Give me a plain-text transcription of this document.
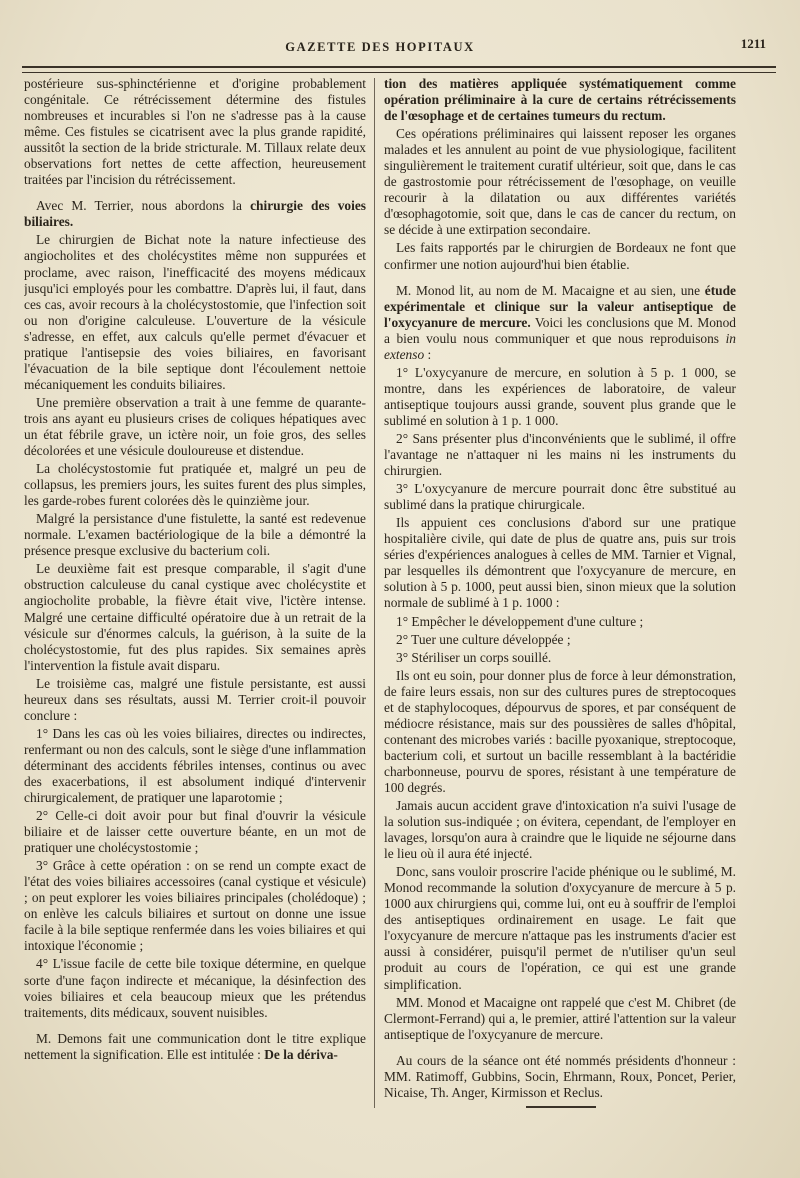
GAZETTE DES HOPITAUX	1211

postérieure sus-sphinctérienne et d'origine probablement congénitale. Ce rétrécissement détermine des fistules nombreuses et incurables si l'on ne s'adresse pas à la cause même. Ces fistules se cicatrisent avec la plus grande rapidité, aussitôt la section de la bride stricturale. M. Tillaux relate deux observations fort nettes de cette affection, heureusement traitées par l'incision du rétrécissement.

Avec M. Terrier, nous abordons la chirurgie des voies biliaires.

Le chirurgien de Bichat note la nature infectieuse des angiocholites et des cholécystites même non suppurées et proclame, avec raison, l'inefficacité des moyens médicaux jusqu'ici employés pour les combattre. D'après lui, il faut, dans ces cas, avoir recours à la cholécystostomie, que l'infection soit ou non d'origine calculeuse. L'ouverture de la vésicule s'adresse, en effet, aux calculs qu'elle permet d'évacuer et pratique l'antisepsie des voies biliaires, en favorisant l'évacuation de la bile septique dont l'écoulement nettoie mécaniquement les conduits biliaires.

Une première observation a trait à une femme de quarante-trois ans ayant eu plusieurs crises de coliques hépatiques avec un état fébrile grave, un ictère noir, un foie gros, des selles décolorées et une vésicule douloureuse et distendue.

La cholécystostomie fut pratiquée et, malgré un peu de collapsus, les premiers jours, les suites furent des plus simples, les garde-robes furent colorées dès le quinzième jour.

Malgré la persistance d'une fistulette, la santé est redevenue normale. L'examen bactériologique de la bile a démontré la présence presque exclusive du bacterium coli.

Le deuxième fait est presque comparable, il s'agit d'une obstruction calculeuse du canal cystique avec cholécystite et angiocholite probable, la fièvre était vive, l'ictère intense. Malgré une certaine difficulté opératoire due à un retrait de la vésicule sur d'énormes calculs, la guérison, à la suite de la cholécystostomie, fut des plus rapides. Six semaines après l'intervention la fistule avait disparu.

Le troisième cas, malgré une fistule persistante, est aussi heureux dans ses résultats, aussi M. Terrier croit-il pouvoir conclure :

1° Dans les cas où les voies biliaires, directes ou indirectes, renfermant ou non des calculs, sont le siège d'une inflammation déterminant des accidents fébriles intenses, continus ou avec des exacerbations, il est absolument indiqué d'intervenir chirurgicalement, de pratiquer une laparotomie ;

2° Celle-ci doit avoir pour but final d'ouvrir la vésicule biliaire et de laisser cette ouverture béante, en un mot de pratiquer une cholécystostomie ;

3° Grâce à cette opération : on se rend un compte exact de l'état des voies biliaires accessoires (canal cystique et vésicule) ; on peut explorer les voies biliaires principales (cholédoque) ; on enlève les calculs biliaires et surtout on donne une issue facile à la bile septique renfermée dans les voies biliaires et qui intoxique l'économie ;

4° L'issue facile de cette bile toxique détermine, en quelque sorte d'une façon indirecte et mécanique, la désinfection des voies biliaires et cela beaucoup mieux que les prétendus traitements, dits médicaux, souvent nuisibles.

M. Demons fait une communication dont le titre explique nettement la signification. Elle est intitulée : De la dériva-

tion des matières appliquée systématiquement comme opération préliminaire à la cure de certains rétrécissements de l'œsophage et de certaines tumeurs du rectum.

Ces opérations préliminaires qui laissent reposer les organes malades et les annulent au point de vue physiologique, facilitent singulièrement le traitement curatif ultérieur, soit que, dans le cas de gastrostomie pour rétrécissement de l'œsophage, on veuille recourir à la dilatation ou aux différentes variétés d'œsophagotomie, soit que, dans le cas de cancer du rectum, on se décide à une extirpation secondaire.

Les faits rapportés par le chirurgien de Bordeaux ne font que confirmer une notion aujourd'hui bien établie.

M. Monod lit, au nom de M. Macaigne et au sien, une étude expérimentale et clinique sur la valeur antiseptique de l'oxycyanure de mercure. Voici les conclusions que M. Monod a bien voulu nous communiquer et que nous reproduisons in extenso :

1° L'oxycyanure de mercure, en solution à 5 p. 1 000, se montre, dans les expériences de laboratoire, de valeur antiseptique toujours aussi grande, souvent plus grande que le sublimé en solution à 1 p. 1 000.

2° Sans présenter plus d'inconvénients que le sublimé, il offre l'avantage ne n'attaquer ni les mains ni les instruments du chirurgien.

3° L'oxycyanure de mercure pourrait donc être substitué au sublimé dans la pratique chirurgicale.

Ils appuient ces conclusions d'abord sur une pratique hospitalière civile, qui date de plus de quatre ans, puis sur trois séries d'expériences analogues à celles de MM. Tarnier et Vignal, par lesquelles ils démontrent que l'oxycyanure de mercure, en solution à 5 p. 1000, peut aussi bien, sinon mieux que la solution normale de sublimé à 1 p. 1000 :

1° Empêcher le développement d'une culture ;

2° Tuer une culture développée ;

3° Stériliser un corps souillé.

Ils ont eu soin, pour donner plus de force à leur démonstration, de faire leurs essais, non sur des cultures pures de streptocoques et de staphylocoques, dépourvus de spores, et par conséquent de médiocre résistance, mais sur des poussières de salles d'hôpital, contenant des microbes variés : bacille pyoxanique, streptocoque, bacterium coli, et surtout un bacille ressemblant à la bactéridie charbonneuse, pourvu de spores, résistant à une température de 100 degrés.

Jamais aucun accident grave d'intoxication n'a suivi l'usage de la solution sus-indiquée ; on évitera, cependant, de l'employer en lavages, lorsqu'on aura à craindre que le liquide ne séjourne dans le lieu où il aura été injecté.

Donc, sans vouloir proscrire l'acide phénique ou le sublimé, M. Monod recommande la solution d'oxycyanure de mercure à 5 p. 1000 aux chirurgiens qui, comme lui, ont eu à souffrir de l'emploi des antiseptiques ordinairement en usage. Le fait que l'oxycyanure de mercure n'attaque pas les instruments d'acier est aussi à considérer, puisqu'il permet de n'utiliser qu'un seul produit au cours de l'opération, ce qui est une grande simplification.

MM. Monod et Macaigne ont rappelé que c'est M. Chibret (de Clermont-Ferrand) qui a, le premier, attiré l'attention sur la valeur antiseptique de l'oxycyanure de mercure.

Au cours de la séance ont été nommés présidents d'honneur : MM. Ratimoff, Gubbins, Socin, Ehrmann, Roux, Poncet, Perier, Nicaise, Th. Anger, Kirmisson et Reclus.
